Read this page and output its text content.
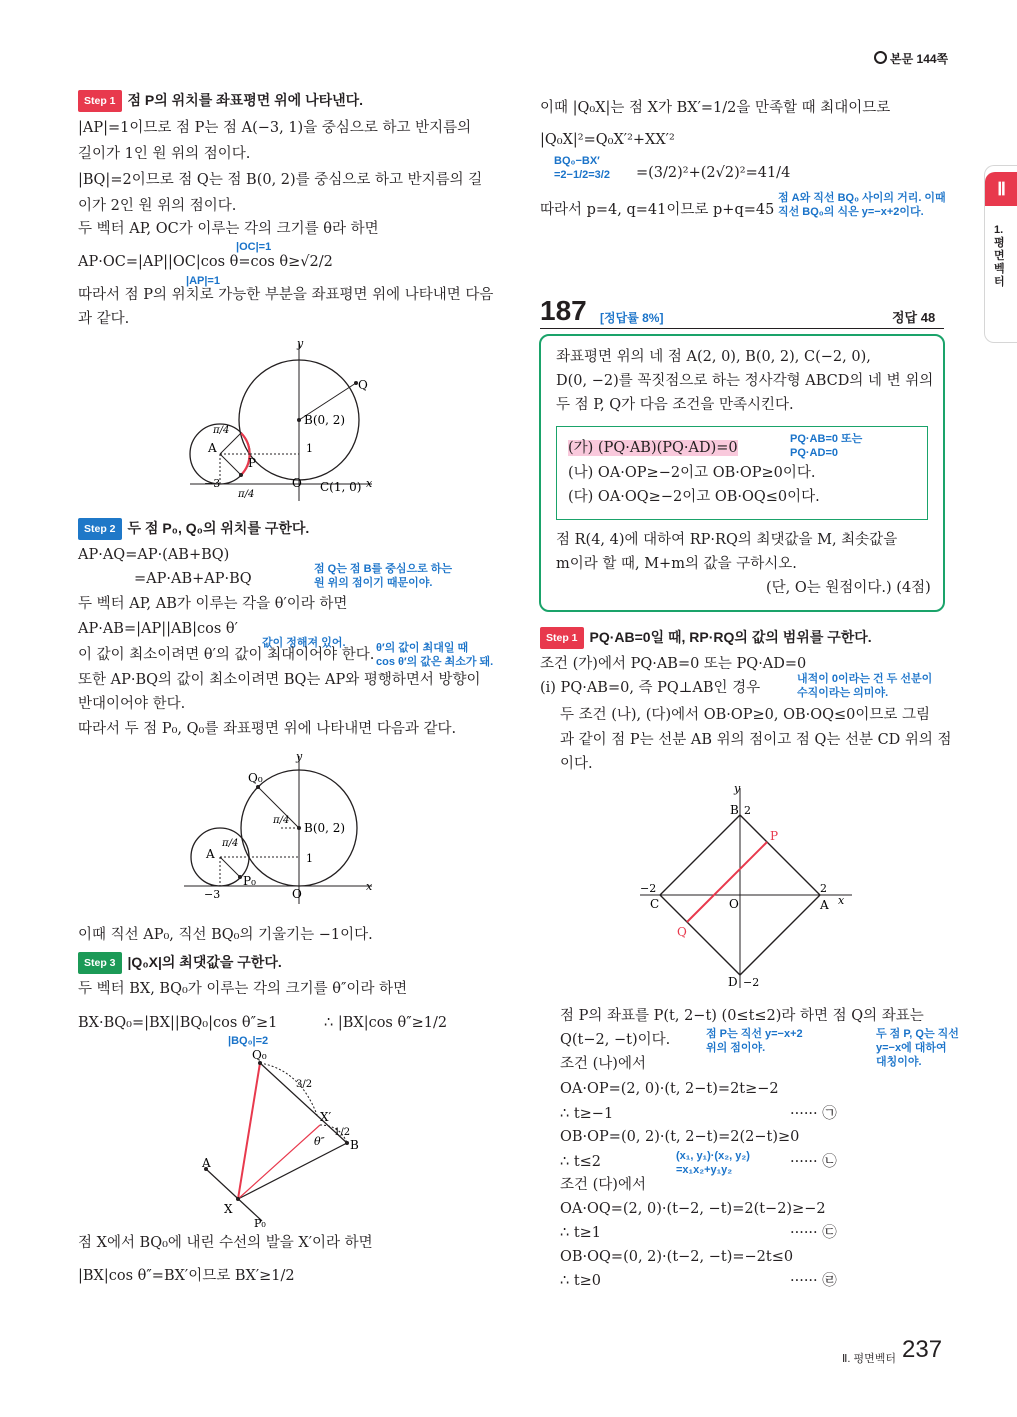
본문 144쪽
Ⅱ
1. 평면벡터
Step 1 점 P의 위치를 좌표평면 위에 나타낸다.
|AP|=1이므로 점 P는 점 A(−3, 1)을 중심으로 하고 반지름의
길이가 1인 원 위의 점이다.
|BQ|=2이므로 점 Q는 점 B(0, 2)를 중심으로 하고 반지름의 길
이가 2인 원 위의 점이다.
두 벡터 AP, OC가 이루는 각의 크기를 θ라 하면
|OC|=1
AP·OC=|AP||OC|cos θ=cos θ≥√2/2
|AP|=1
따라서 점 P의 위치로 가능한 부분을 좌표평면 위에 나타내면 다음
과 같다.
y
x
Q
B(0, 2)
A
P
1
−3	O C(1, 0)
π/4
π/4
Step 2 두 점 P₀, Q₀의 위치를 구한다.
AP·AQ=AP·(AB+BQ)
=AP·AB+AP·BQ
점 Q는 점 B를 중심으로 하는
원 위의 점이기 때문이야.
두 벡터 AP, AB가 이루는 각을 θ′이라 하면
AP·AB=|AP||AB|cos θ′
값이 정해져 있어.
이 값이 최소이려면 θ′의 값이 최대이어야 한다. θ′의 값이 최대일 때
cos θ′의 값은 최소가 돼.
또한 AP·BQ의 값이 최소이려면 BQ는 AP와 평행하면서 방향이
반대이어야 한다.
따라서 두 점 P₀, Q₀를 좌표평면 위에 나타내면 다음과 같다.
y
x
Q₀
B(0, 2)
A
P₀
1
−3	O
π/4
π/4
이때 직선 AP₀, 직선 BQ₀의 기울기는 −1이다.
Step 3 |Q₀X|의 최댓값을 구한다.
두 벡터 BX, BQ₀가 이루는 각의 크기를 θ″이라 하면
BX·BQ₀=|BX||BQ₀|cos θ″≥1	∴ |BX|cos θ″≥1/2
|BQ₀|=2
Q₀
3/2
X′
1/2
θ″ B
A
X
P₀
점 X에서 BQ₀에 내린 수선의 발을 X′이라 하면
|BX|cos θ″=BX′이므로 BX′≥1/2
이때 |Q₀X|는 점 X가 BX′=1/2을 만족할 때 최대이므로
|Q₀X|²=Q₀X′²+XX′²
BQ₀−BX′
=2−1/2=3/2 =(3/2)²+(2√2)²=41/4
점 A와 직선 BQ₀ 사이의 거리. 이때
직선 BQ₀의 식은 y=−x+2이다.
따라서 p=4, q=41이므로 p+q=45
187 [정답률 8%]	정답 48
좌표평면 위의 네 점 A(2, 0), B(0, 2), C(−2, 0),
D(0, −2)를 꼭짓점으로 하는 정사각형 ABCD의 네 변 위의
두 점 P, Q가 다음 조건을 만족시킨다.
(가) (PQ·AB)(PQ·AD)=0
PQ·AB=0 또는
PQ·AD=0
(나) OA·OP≥−2이고 OB·OP≥0이다.
(다) OA·OQ≥−2이고 OB·OQ≤0이다.
점 R(4, 4)에 대하여 RP·RQ의 최댓값을 M, 최솟값을
m이라 할 때, M+m의 값을 구하시오.
(단, O는 원점이다.) (4점)
Step 1 PQ·AB=0일 때, RP·RQ의 값의 범위를 구한다.
조건 (가)에서 PQ·AB=0 또는 PQ·AD=0
(ⅰ) PQ·AB=0, 즉 PQ⊥AB인 경우
내적이 0이라는 건 두 선분이
수직이라는 의미야.
두 조건 (나), (다)에서 OB·OP≥0, OB·OQ≤0이므로 그림
과 같이 점 P는 선분 AB 위의 점이고 점 Q는 선분 CD 위의 점
이다.
y
x
B 2
P
−2
C	O
2
A
Q
D −2
점 P의 좌표를 P(t, 2−t) (0≤t≤2)라 하면 점 Q의 좌표는
점 P는 직선 y=−x+2
위의 점이야.
두 점 P, Q는 직선
y=−x에 대하여
대칭이야.
Q(t−2, −t)이다.
조건 (나)에서
OA·OP=(2, 0)·(t, 2−t)=2t≥−2
∴ t≥−1	······ ㉠
OB·OP=(0, 2)·(t, 2−t)=2(2−t)≥0
(x₁, y₁)·(x₂, y₂)
=x₁x₂+y₁y₂
∴ t≤2	······ ㉡
조건 (다)에서
OA·OQ=(2, 0)·(t−2, −t)=2(t−2)≥−2
∴ t≥1	······ ㉢
OB·OQ=(0, 2)·(t−2, −t)=−2t≤0
∴ t≥0	······ ㉣
Ⅱ. 평면벡터 237
